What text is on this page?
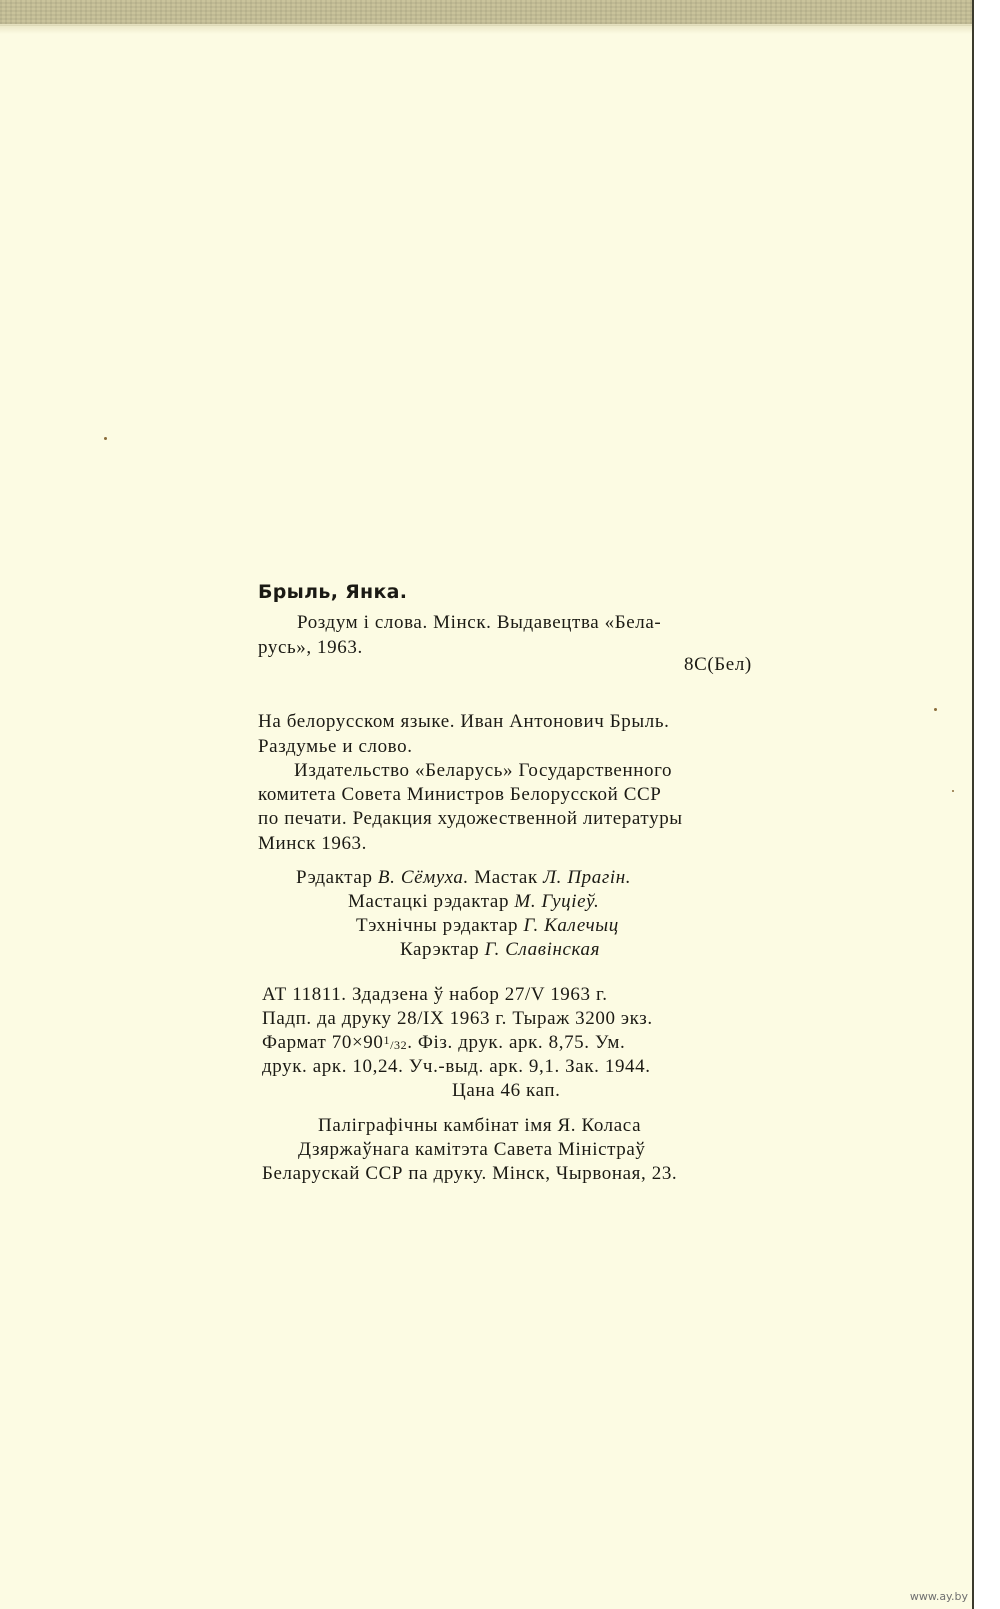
Брыль, Янка.
Роздум і слова. Мінск. Выдавецтва «Бела-
русь», 1963.
8С(Бел)
На белорусском языке. Иван Антонович Брыль.
Раздумье и слово.
Издательство «Беларусь» Государственного
комитета Совета Министров Белорусской ССР
по печати. Редакция художественной литературы
Минск 1963.
Рэдактар В. Сёмуха. Мастак Л. Прагін.
Мастацкі рэдактар М. Гуціеў.
Тэхнічны рэдактар Г. Калечыц
Карэктар Г. Славінская
АТ 11811. Здадзена ў набор 27/V 1963 г.
Падп. да друку 28/IX 1963 г. Тыраж 3200 экз.
Фармат $70\times 90^1/32$. Фіз. друк. арк. 8,75. Ум.
друк. арк. 10,24. Уч.-выд. арк. 9,1. Зак. 1944.
Цана 46 кап.
Паліграфічны камбінат імя Я. Коласа
Дзяржаўнага камітэта Савета Міністраў
Беларускай ССР па друку. Мінск, Чырвоная, 23.
www.ay.by
